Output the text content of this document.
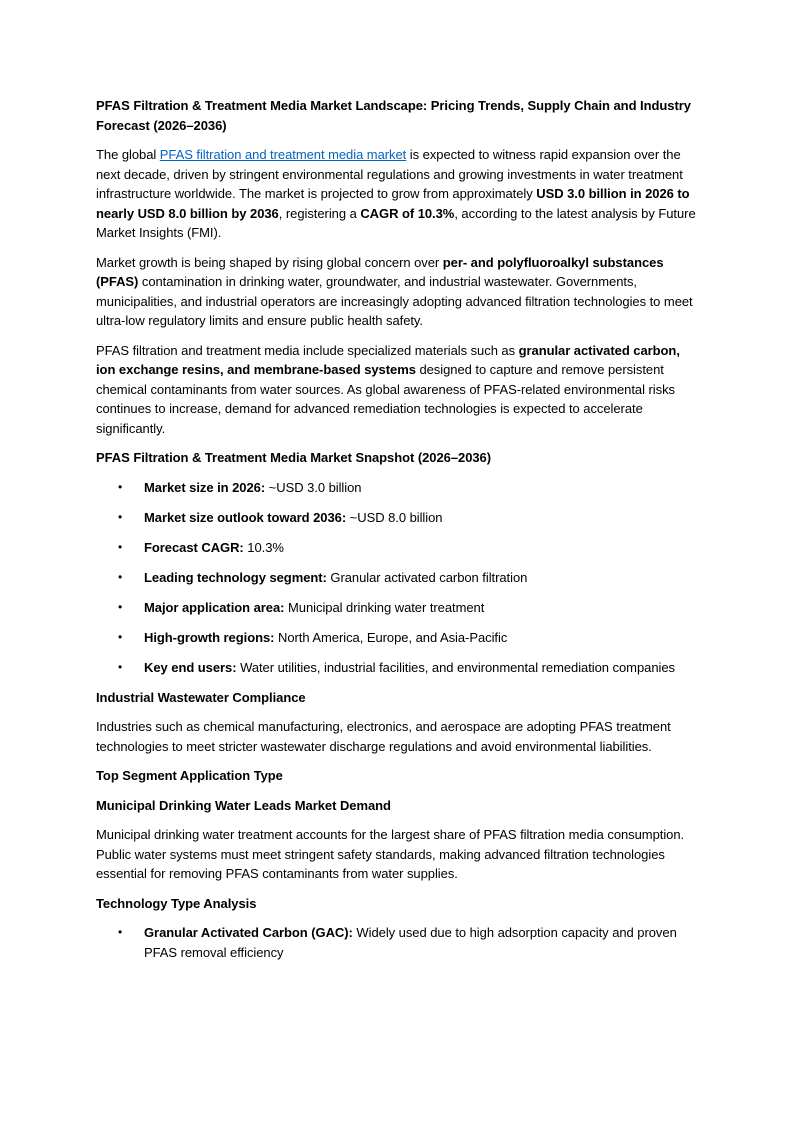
PFAS Filtration & Treatment Media Market Landscape: Pricing Trends, Supply Chain and Industry Forecast (2026–2036)

The global PFAS filtration and treatment media market is expected to witness rapid expansion over the next decade, driven by stringent environmental regulations and growing investments in water treatment infrastructure worldwide. The market is projected to grow from approximately USD 3.0 billion in 2026 to nearly USD 8.0 billion by 2036, registering a CAGR of 10.3%, according to the latest analysis by Future Market Insights (FMI).

Market growth is being shaped by rising global concern over per- and polyfluoroalkyl substances (PFAS) contamination in drinking water, groundwater, and industrial wastewater. Governments, municipalities, and industrial operators are increasingly adopting advanced filtration technologies to meet ultra-low regulatory limits and ensure public health safety.

PFAS filtration and treatment media include specialized materials such as granular activated carbon, ion exchange resins, and membrane-based systems designed to capture and remove persistent chemical contaminants from water sources. As global awareness of PFAS-related environmental risks continues to increase, demand for advanced remediation technologies is expected to accelerate significantly.

PFAS Filtration & Treatment Media Market Snapshot (2026–2036)
• Market size in 2026: ~USD 3.0 billion
• Market size outlook toward 2036: ~USD 8.0 billion
• Forecast CAGR: 10.3%
• Leading technology segment: Granular activated carbon filtration
• Major application area: Municipal drinking water treatment
• High-growth regions: North America, Europe, and Asia-Pacific
• Key end users: Water utilities, industrial facilities, and environmental remediation companies
Industrial Wastewater Compliance

Industries such as chemical manufacturing, electronics, and aerospace are adopting PFAS treatment technologies to meet stricter wastewater discharge regulations and avoid environmental liabilities.

Top Segment Application Type
Municipal Drinking Water Leads Market Demand

Municipal drinking water treatment accounts for the largest share of PFAS filtration media consumption. Public water systems must meet stringent safety standards, making advanced filtration technologies essential for removing PFAS contaminants from water supplies.

Technology Type Analysis
• Granular Activated Carbon (GAC): Widely used due to high adsorption capacity and proven PFAS removal efficiency
